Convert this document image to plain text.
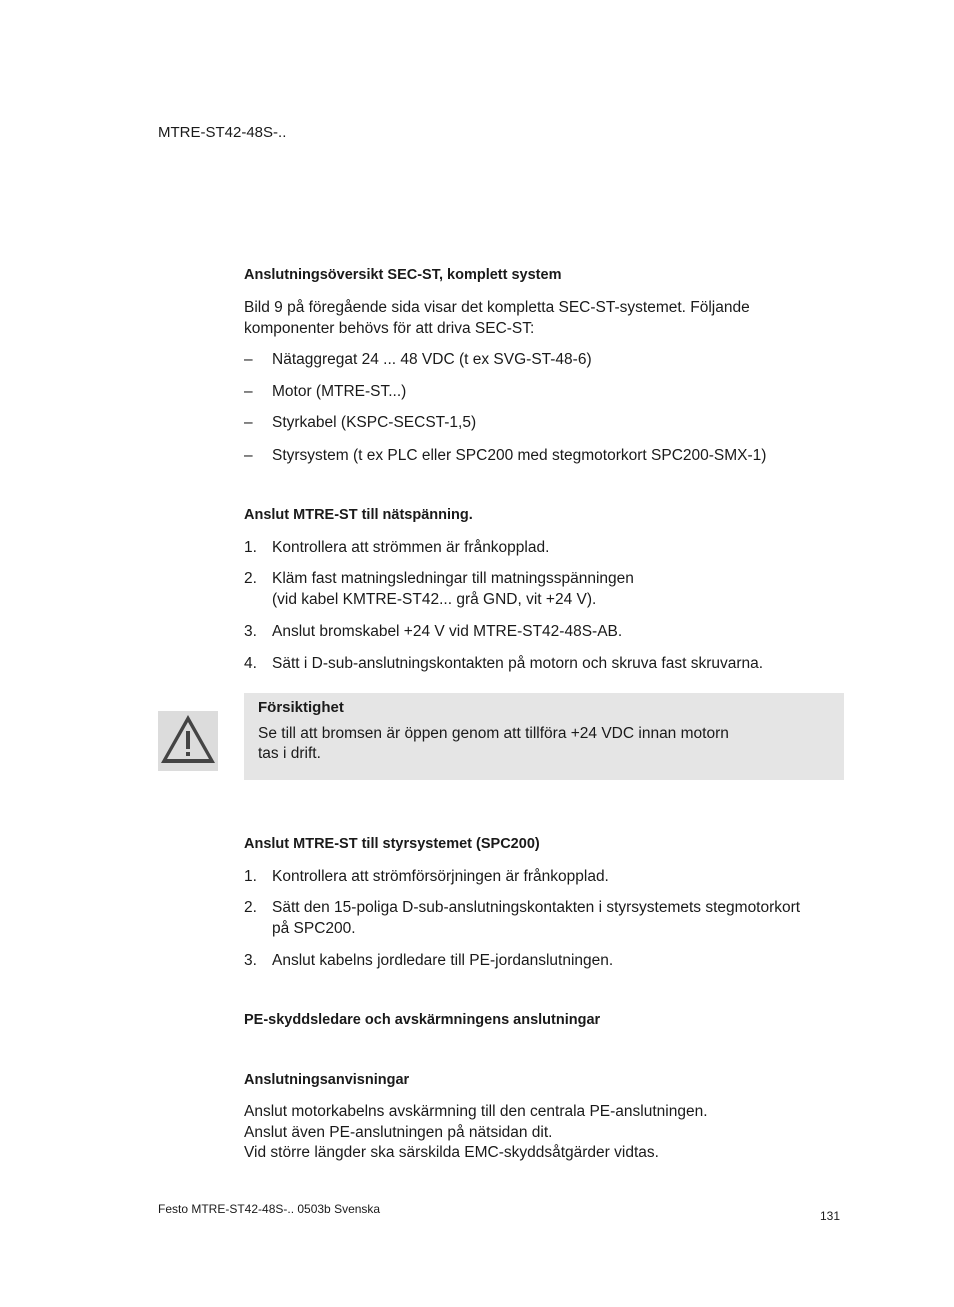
MTRE-ST42-48S-..
Anslutningsöversikt SEC-ST, komplett system
Bild 9 på föregående sida visar det kompletta SEC-ST-systemet. Följande
komponenter behövs för att driva SEC-ST:
– Nätaggregat 24 ... 48 VDC (t ex SVG-ST-48-6)
– Motor (MTRE-ST...)
– Styrkabel (KSPC-SECST-1,5)
– Styrsystem (t ex PLC eller SPC200 med stegmotorkort SPC200-SMX-1)
Anslut MTRE-ST till nätspänning.
1. Kontrollera att strömmen är frånkopplad.
2. Kläm fast matningsledningar till matningsspänningen
(vid kabel KMTRE-ST42... grå GND, vit +24 V).
3. Anslut bromskabel +24 V vid MTRE-ST42-48S-AB.
4. Sätt i D-sub-anslutningskontakten på motorn och skruva fast skruvarna.
Försiktighet
Se till att bromsen är öppen genom att tillföra +24 VDC innan motorn
tas i drift.
Anslut MTRE-ST till styrsystemet (SPC200)
1. Kontrollera att strömförsörjningen är frånkopplad.
2. Sätt den 15-poliga D-sub-anslutningskontakten i styrsystemets stegmotorkort
på SPC200.
3. Anslut kabelns jordledare till PE-jordanslutningen.
PE-skyddsledare och avskärmningens anslutningar
Anslutningsanvisningar
Anslut motorkabelns avskärmning till den centrala PE-anslutningen.
Anslut även PE-anslutningen på nätsidan dit.
Vid större längder ska särskilda EMC-skyddsåtgärder vidtas.
Festo MTRE-ST42-48S-.. 0503b Svenska	131
